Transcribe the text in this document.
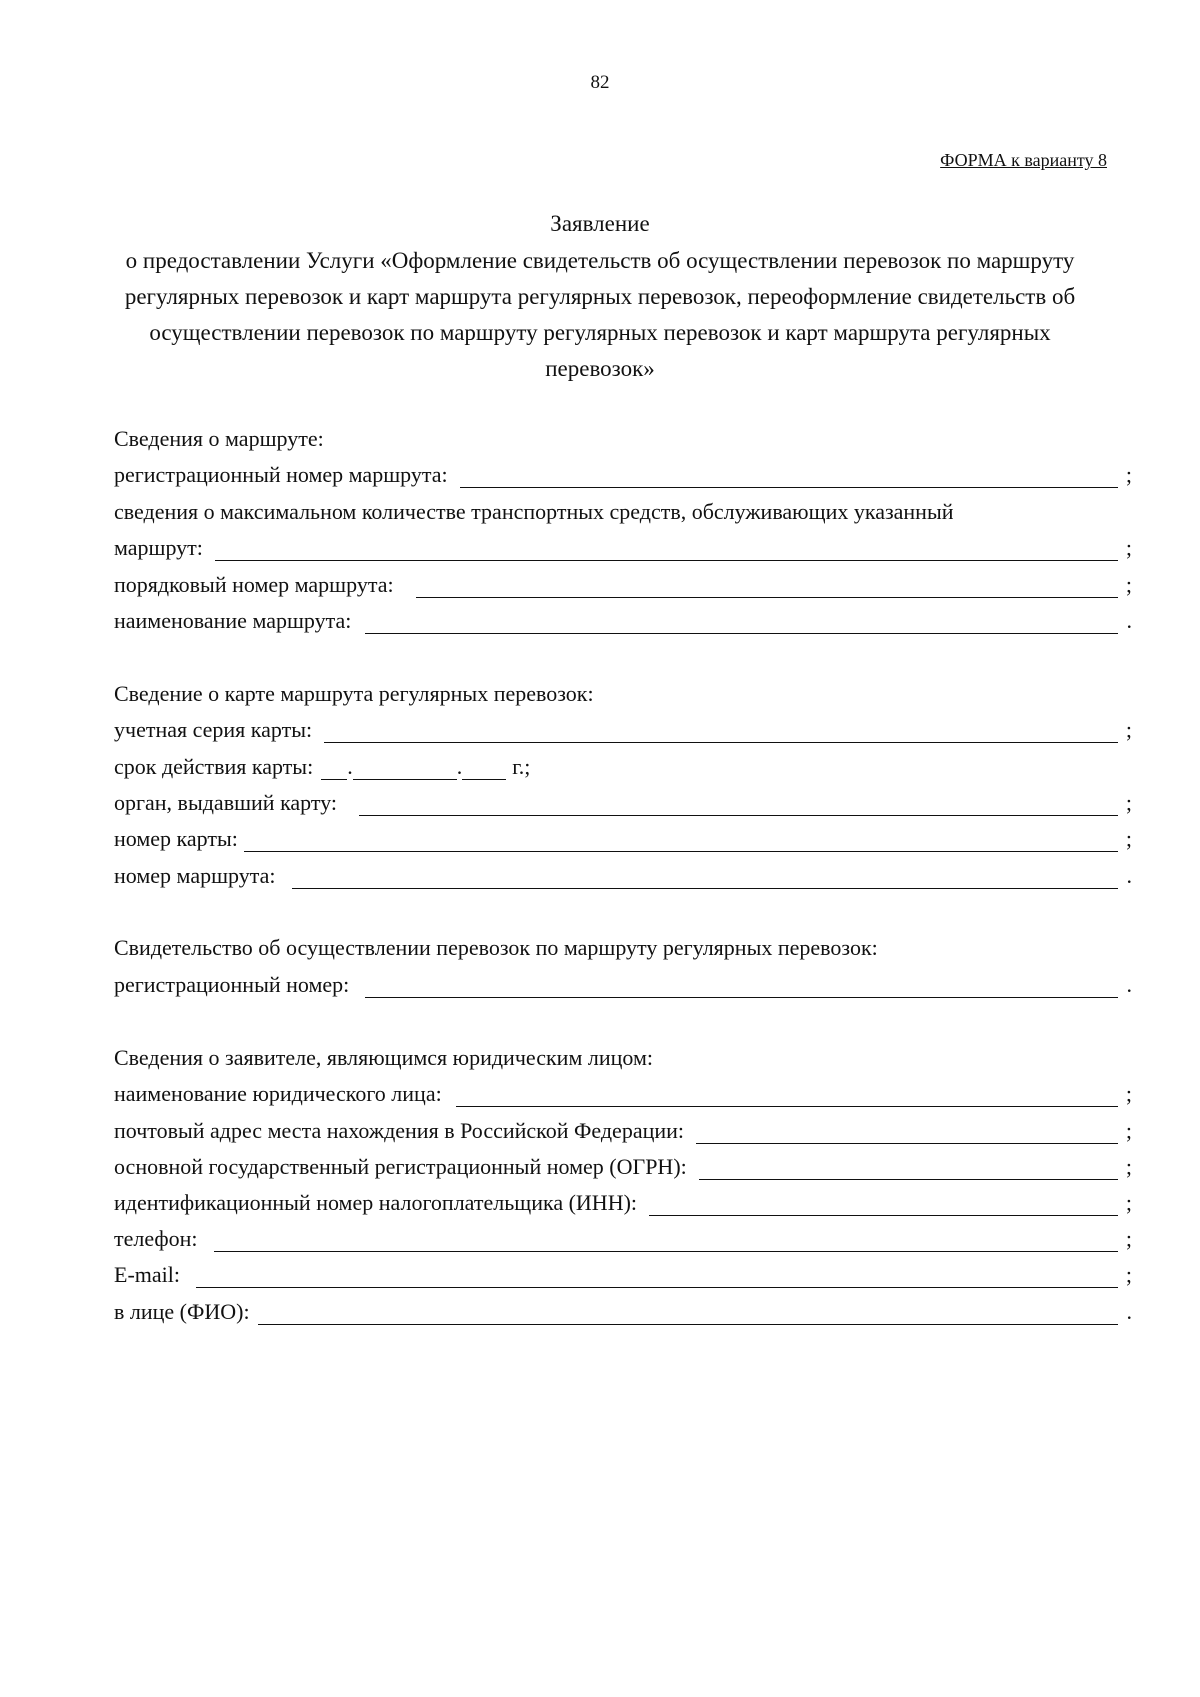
82
ФОРМА к варианту 8
Заявление
о предоставлении Услуги «Оформление свидетельств об осуществлении перевозок по маршруту
регулярных перевозок и карт маршрута регулярных перевозок, переоформление свидетельств об
осуществлении перевозок по маршруту регулярных перевозок и карт маршрута регулярных
перевозок»
Сведения о маршруте:
регистрационный номер маршрута:	;
сведения о максимальном количестве транспортных средств, обслуживающих указанный
маршрут:	;
порядковый номер маршрута:	;
наименование маршрута:	.
Сведение о карте маршрута регулярных перевозок:
учетная серия карты:	;
срок действия карты: .	. г.;
орган, выдавший карту:	;
номер карты:	;
номер маршрута:	.
Свидетельство об осуществлении перевозок по маршруту регулярных перевозок:
регистрационный номер:	.
Сведения о заявителе, являющимся юридическим лицом:
наименование юридического лица:	;
почтовый адрес места нахождения в Российской Федерации:	;
основной государственный регистрационный номер (ОГРН):	;
идентификационный номер налогоплательщика (ИНН):	;
телефон:	;
E-mail:	;
в лице (ФИО):	.
